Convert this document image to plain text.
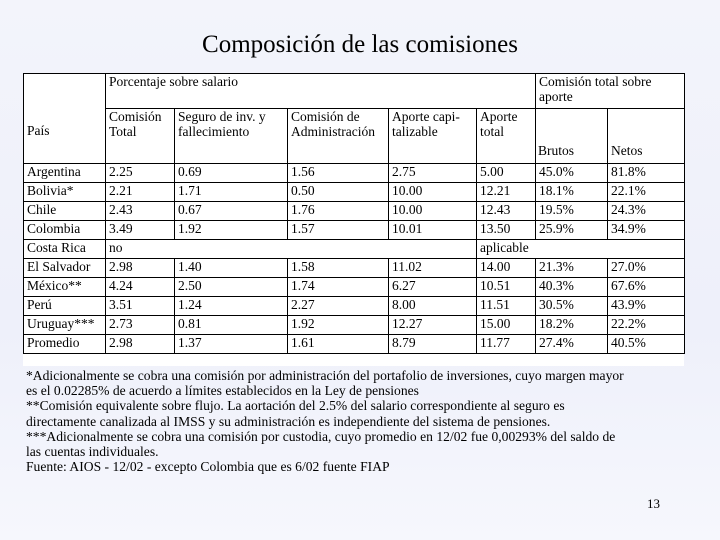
Composición de las comisiones
	Porcentaje sobre salario					Comisión total sobre aporte	
	Comisión Total	Seguro de inv. y fallecimiento	Comisión de Administración	Aporte capi- talizable	Aporte total		
País						Brutos	Netos
Argentina	2.25	0.69	1.56	2.75	5.00	45.0%	81.8%
Bolivia*	2.21	1.71	0.50	10.00	12.21	18.1%	22.1%
Chile	2.43	0.67	1.76	10.00	12.43	19.5%	24.3%
Colombia	3.49	1.92	1.57	10.01	13.50	25.9%	34.9%
Costa Rica	no				aplicable		
El Salvador	2.98	1.40	1.58	11.02	14.00	21.3%	27.0%
México**	4.24	2.50	1.74	6.27	10.51	40.3%	67.6%
Perú	3.51	1.24	2.27	8.00	11.51	30.5%	43.9%
Uruguay***	2.73	0.81	1.92	12.27	15.00	18.2%	22.2%
Promedio	2.98	1.37	1.61	8.79	11.77	27.4%	40.5%
*Adicionalmente se cobra una comisión por administración del portafolio de inversiones, cuyo margen mayor
es el 0.02285% de acuerdo a límites establecidos en la Ley de pensiones
**Comisión equivalente sobre flujo. La aortación del 2.5% del salario correspondiente al seguro es
directamente canalizada al IMSS y su administración es independiente del sistema de pensiones.
***Adicionalmente se cobra una comisión por custodia, cuyo promedio en 12/02 fue 0,00293% del saldo de
las cuentas individuales.
Fuente: AIOS - 12/02 - excepto Colombia que es 6/02 fuente FIAP
13
